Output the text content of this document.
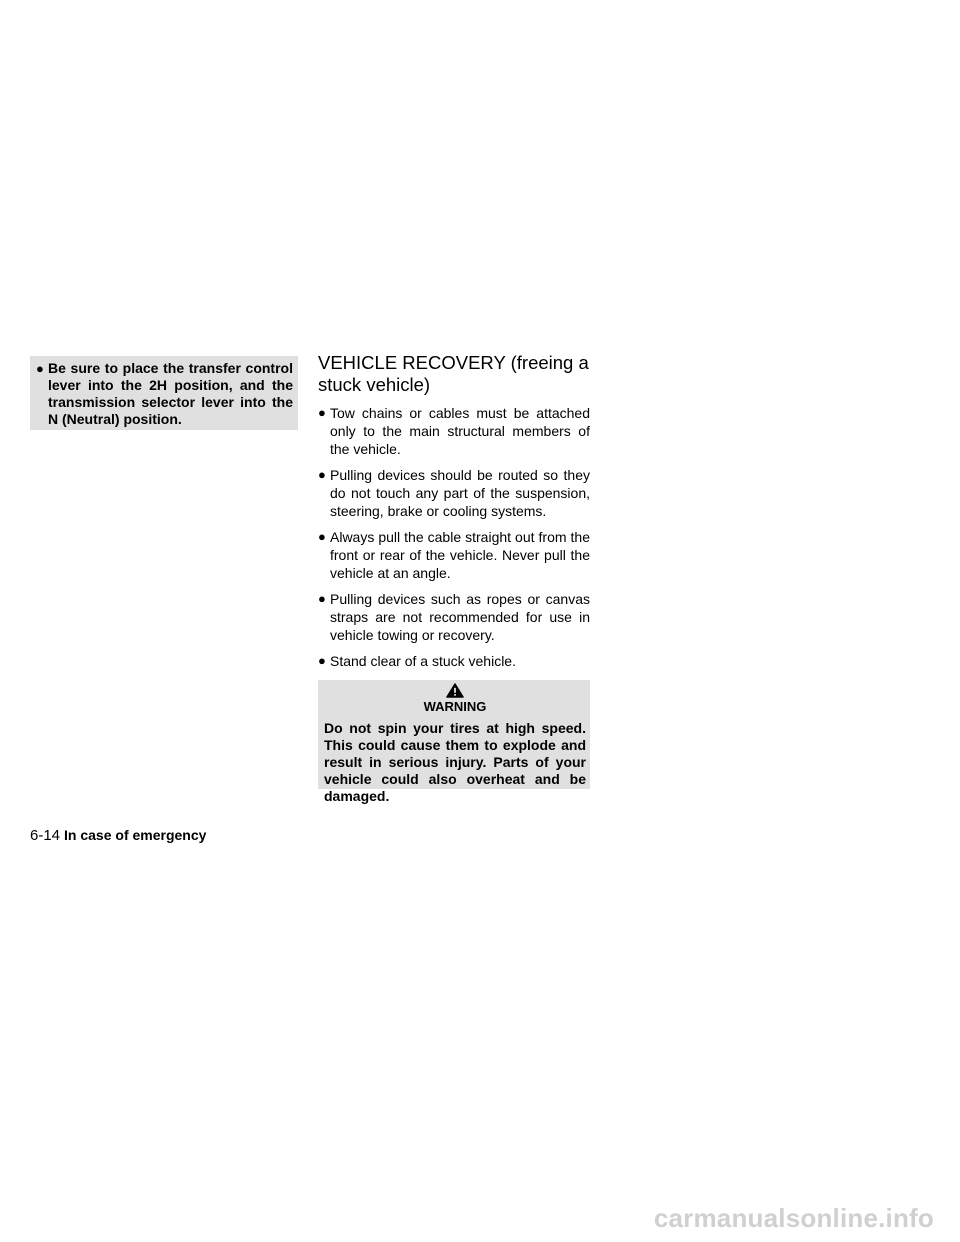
● Be sure to place the transfer control lever into the 2H position, and the transmission selector lever into the N (Neutral) position.
VEHICLE RECOVERY (freeing a stuck vehicle)
● Tow chains or cables must be attached only to the main structural members of the vehicle.
● Pulling devices should be routed so they do not touch any part of the suspension, steering, brake or cooling systems.
● Always pull the cable straight out from the front or rear of the vehicle. Never pull the vehicle at an angle.
● Pulling devices such as ropes or canvas straps are not recommended for use in vehicle towing or recovery.
● Stand clear of a stuck vehicle.
WARNING
Do not spin your tires at high speed. This could cause them to explode and result in serious injury. Parts of your vehicle could also overheat and be damaged.
6-14 In case of emergency
carmanualsonline.info
